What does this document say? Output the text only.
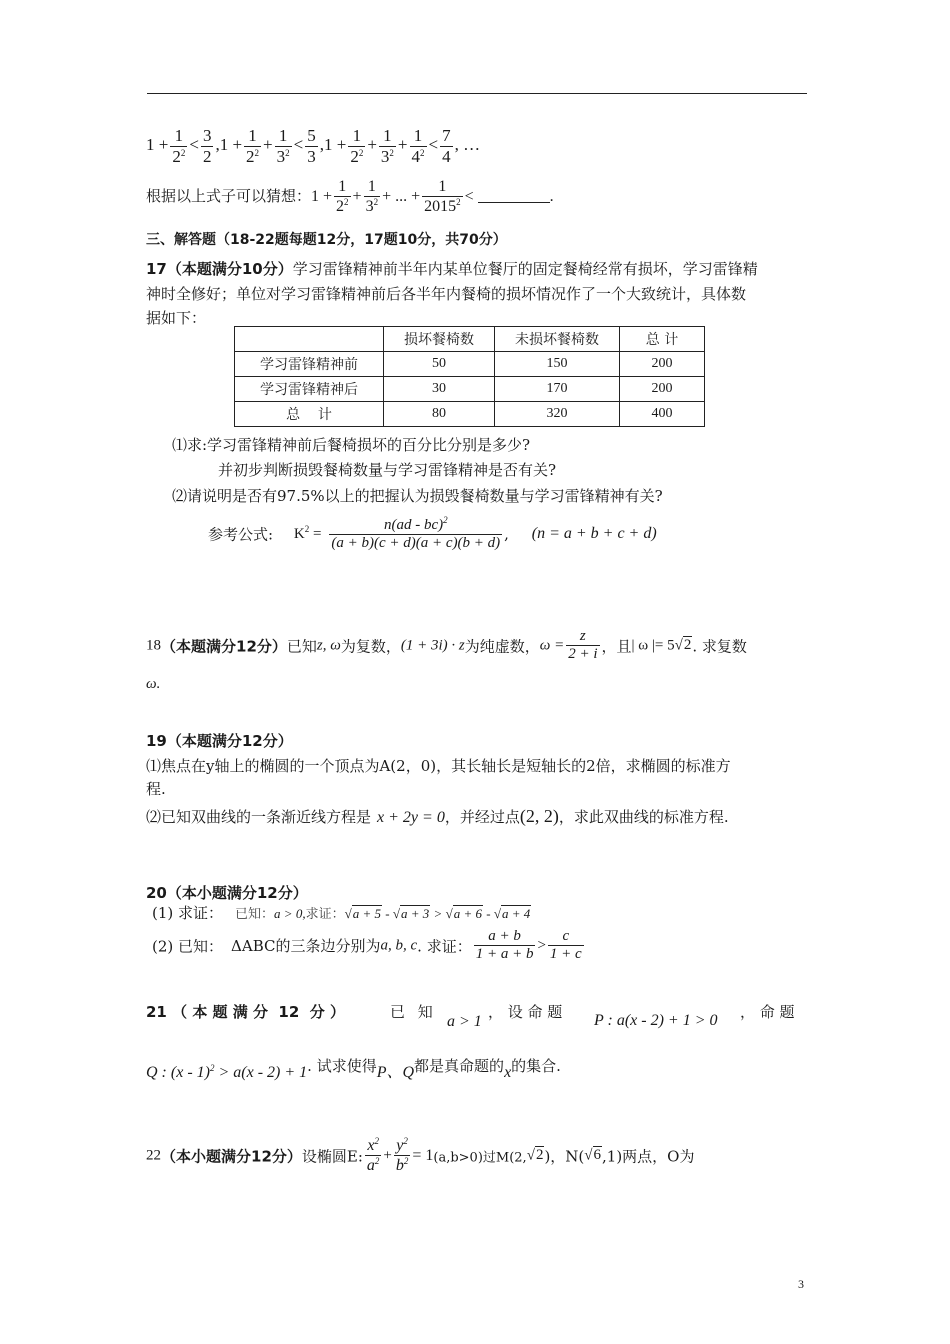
$1 + \frac{1}{2^2} < \frac{3}{2} ,1 + \frac{1}{2^2} + \frac{1}{3^2} < \frac{5}{3} ,1 + \frac{1}{2^2} + \frac{1}{3^2} + \frac{1}{4^2} < \frac{7}{4}$ , …
根据以上式子可以猜想：$1 + \frac{1}{2^2} + \frac{1}{3^2}$ + ... + $\frac{1}{2015^2}$ <	.
三、解答题（18-22题每题12分，17题10分，共70分）
17（本题满分10分）学习雷锋精神前半年内某单位餐厅的固定餐椅经常有损坏，学习雷锋精
神时全修好；单位对学习雷锋精神前后各半年内餐椅的损坏情况作了一个大致统计，具体数
据如下：
	损坏餐椅数	未损坏餐椅数	总 计
学习雷锋精神前	50	150	200
学习雷锋精神后	30	170	200
总    计	80	320	400
⑴求:学习雷锋精神前后餐椅损坏的百分比分别是多少?
并初步判断损毁餐椅数量与学习雷锋精神是否有关?
⑵请说明是否有97.5%以上的把握认为损毁餐椅数量与学习雷锋精神有关?
参考公式: $K^2 = \frac{n(ad - bc)^2}{(a + b)(c + d)(a + c)(b + d)}$ , (n = a + b + c + d)
18（本题满分12分）已知z, ω为复数，(1 + 3i) · z为纯虚数，$\omega = \frac{z}{2 + i}$ ，且| ω |= 5√2. 求复数
ω.
19（本题满分12分）
⑴焦点在y轴上的椭圆的一个顶点为A(2，0)，其长轴长是短轴长的2倍，求椭圆的标准方
程.
⑵已知双曲线的一条渐近线方程是 x + 2y = 0，并经过点(2, 2)，求此双曲线的标准方程.
20（本小题满分12分）
(1) 求证： 已知：a > 0,求证：√a + 5 - √a + 3 > √a + 6 - √a + 4
(2) 已知： ΔABC的三条边分别为a, b, c. 求证： $\frac{a + b}{1 + a + b} > \frac{c}{1 + c}$
21 （ 本 题 满 分  12  分 ）	已 知
a > 1
， 设 命 题 P : a(x - 2) + 1 > 0 ， 命 题
Q : (x - 1)$^2$ > a(x - 2) + 1. 试求使得P、Q都是真命题的x的集合.
22（本小题满分12分）设椭圆E: $\frac{x^2}{a^2} + \frac{y^2}{b^2} = 1(a,b>0)$过M(2,√2)，N(√6,1)两点，O为
3
